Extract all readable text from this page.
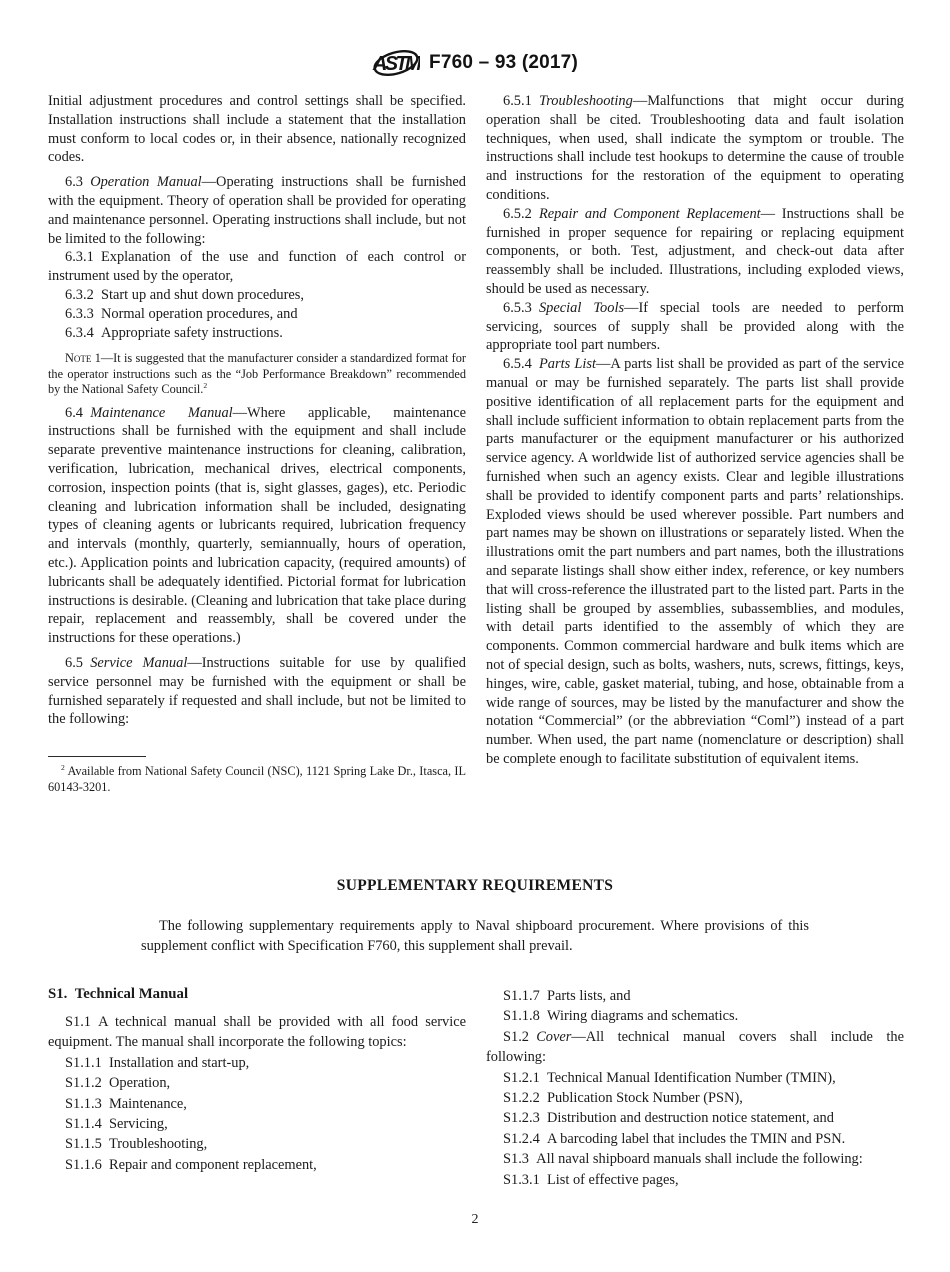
ASTM F760 – 93 (2017)

Initial adjustment procedures and control settings shall be specified. Installation instructions shall include a statement that the installation must conform to local codes or, in their absence, nationally recognized codes.

6.3 Operation Manual—Operating instructions shall be furnished with the equipment. Theory of operation shall be provided for operating and maintenance personnel. Operating instructions shall include, but not be limited to the following:

6.3.1 Explanation of the use and function of each control or instrument used by the operator,

6.3.2 Start up and shut down procedures,

6.3.3 Normal operation procedures, and

6.3.4 Appropriate safety instructions.

Note 1—It is suggested that the manufacturer consider a standardized format for the operator instructions such as the “Job Performance Breakdown” recommended by the National Safety Council.$^2$

6.4 Maintenance Manual—Where applicable, maintenance instructions shall be furnished with the equipment and shall include separate preventive maintenance instructions for cleaning, calibration, verification, lubrication, mechanical drives, electrical components, corrosion, inspection points (that is, sight glasses, gages), etc. Periodic cleaning and lubrication information shall be included, designating types of cleaning agents or lubricants required, lubrication frequency and intervals (monthly, quarterly, semiannually, hours of operation, etc.). Application points and lubrication capacity, (required amounts) of lubricants shall be adequately identified. Pictorial format for lubrication instructions is desirable. (Cleaning and lubrication that take place during repair, replacement and reassembly, shall be covered under the instructions for these operations.)

6.5 Service Manual—Instructions suitable for use by qualified service personnel may be furnished with the equipment or shall be furnished separately if requested and shall include, but not be limited to the following:

$^2$ Available from National Safety Council (NSC), 1121 Spring Lake Dr., Itasca, IL 60143-3201.

6.5.1 Troubleshooting—Malfunctions that might occur during operation shall be cited. Troubleshooting data and fault isolation techniques, when used, shall indicate the symptom or trouble. The instructions shall include test hookups to determine the cause of trouble and instructions for the restoration of the equipment to operating conditions.

6.5.2 Repair and Component Replacement— Instructions shall be furnished in proper sequence for repairing or replacing equipment components, or both. Test, adjustment, and check-out data after reassembly shall be included. Illustrations, including exploded views, should be used as necessary.

6.5.3 Special Tools—If special tools are needed to perform servicing, sources of supply shall be provided along with the appropriate tool part numbers.

6.5.4 Parts List—A parts list shall be provided as part of the service manual or may be furnished separately. The parts list shall provide positive identification of all replacement parts for the equipment and shall include sufficient information to obtain replacement parts from the parts manufacturer or the equipment manufacturer or his authorized service agency. A worldwide list of authorized service agencies shall be furnished when such an agency exists. Clear and legible illustrations shall be provided to identify component parts and parts’ relationships. Exploded views should be used wherever possible. Part numbers and part names may be shown on illustrations or separately listed. When the illustrations omit the part numbers and part names, both the illustrations and separate listings shall show either index, reference, or key numbers that will cross-reference the illustrated part to the listed part. Parts in the listing shall be grouped by assemblies, subassemblies, and modules, with detail parts identified to the assembly of which they are components. Common commercial hardware and bulk items which are not of special design, such as bolts, washers, nuts, screws, fittings, keys, hinges, wire, cable, gasket material, tubing, and hose, obtainable from a wide range of sources, may be listed by the manufacturer and show the notation “Commercial” (or the abbreviation “Coml”) instead of a part number. When used, the part name (nomenclature or description) shall be complete enough to facilitate substitution of equivalent items.

SUPPLEMENTARY REQUIREMENTS

The following supplementary requirements apply to Naval shipboard procurement. Where provisions of this supplement conflict with Specification F760, this supplement shall prevail.

S1. Technical Manual

S1.1 A technical manual shall be provided with all food service equipment. The manual shall incorporate the following topics:

S1.1.1 Installation and start-up,

S1.1.2 Operation,

S1.1.3 Maintenance,

S1.1.4 Servicing,

S1.1.5 Troubleshooting,

S1.1.6 Repair and component replacement,

S1.1.7 Parts lists, and

S1.1.8 Wiring diagrams and schematics.

S1.2 Cover—All technical manual covers shall include the following:

S1.2.1 Technical Manual Identification Number (TMIN),

S1.2.2 Publication Stock Number (PSN),

S1.2.3 Distribution and destruction notice statement, and

S1.2.4 A barcoding label that includes the TMIN and PSN.

S1.3 All naval shipboard manuals shall include the following:

S1.3.1 List of effective pages,

2
